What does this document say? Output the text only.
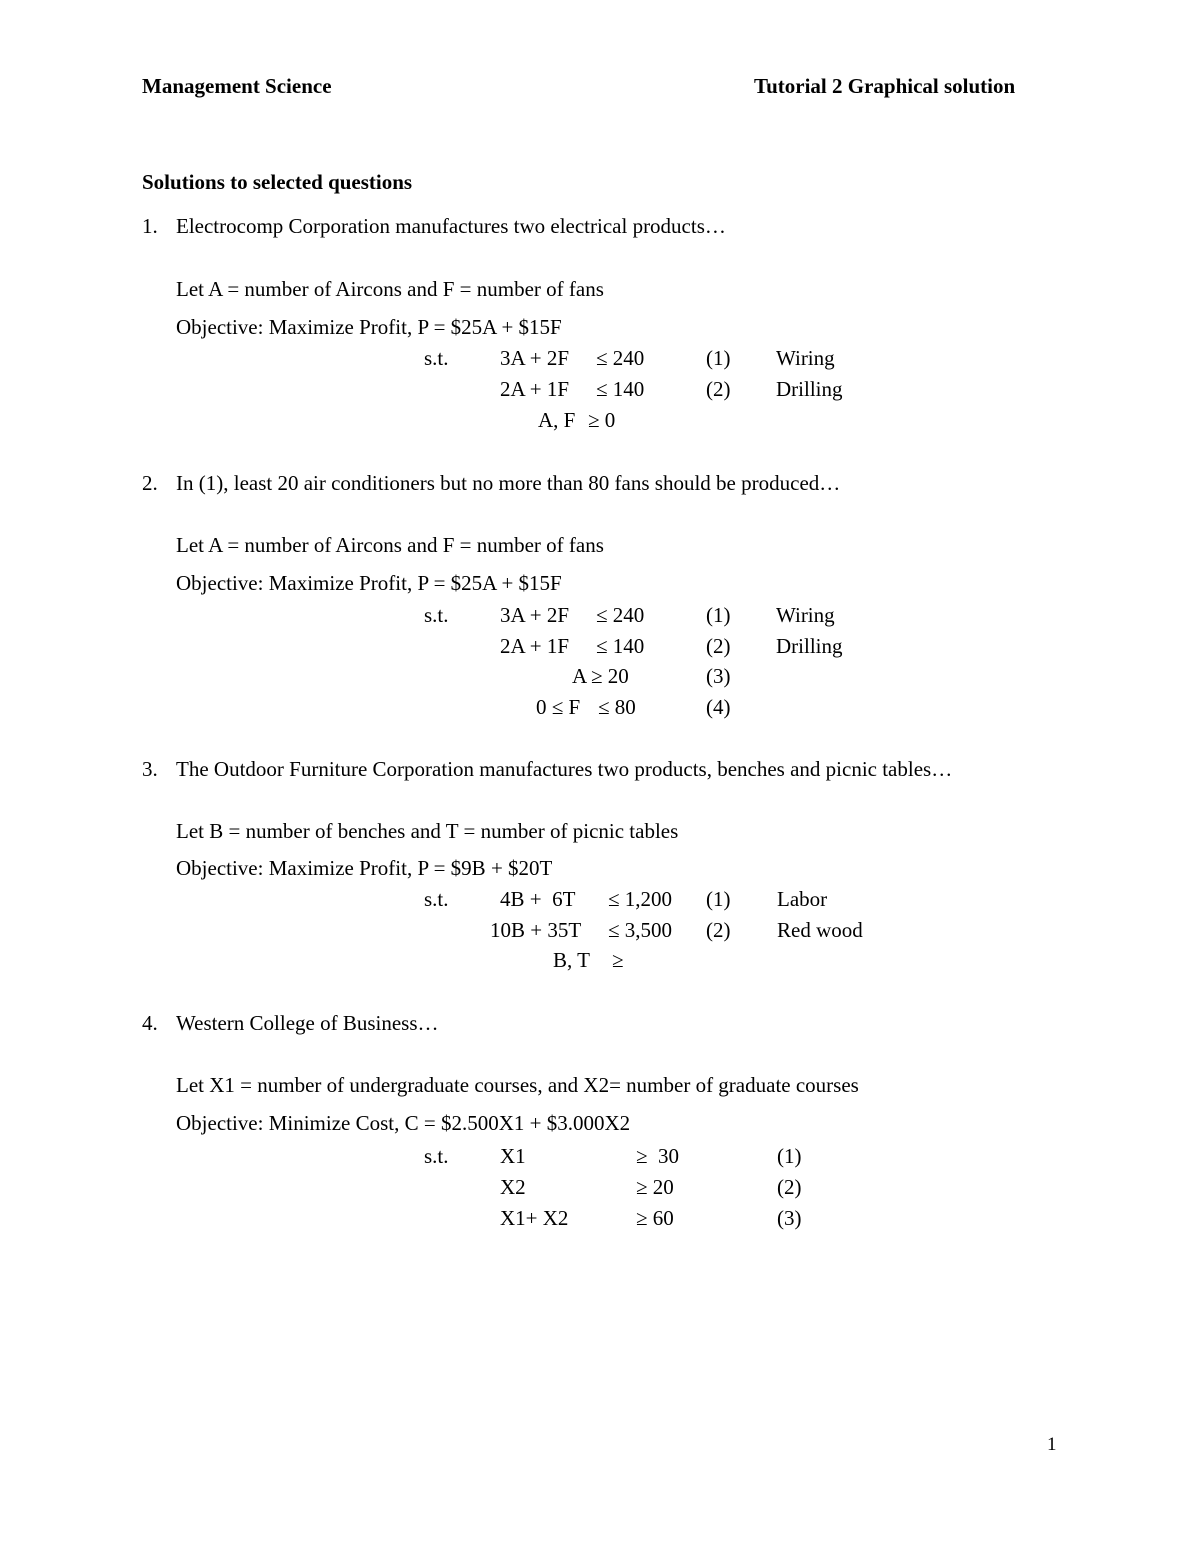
Management Science	Tutorial 2 Graphical solution
Solutions to selected questions
1. Electrocomp Corporation manufactures two electrical products…
Let A = number of Aircons and F = number of fans
Objective: Maximize Profit, P = $25A + $15F
s.t. 3A + 2F ≤ 240	(1) Wiring
2A + 1F ≤ 140	(2) Drilling
A, F ≥ 0
2. In (1), least 20 air conditioners but no more than 80 fans should be produced…
Let A = number of Aircons and F = number of fans
Objective: Maximize Profit, P = $25A + $15F
s.t. 3A + 2F ≤ 240	(1) Wiring
2A + 1F ≤ 140	(2) Drilling
A ≥ 20	(3)
0 ≤ F ≤ 80	(4)
3. The Outdoor Furniture Corporation manufactures two products, benches and picnic tables…
Let B = number of benches and T = number of picnic tables
Objective: Maximize Profit, P = $9B + $20T
s.t. 4B +  6T ≤ 1,200 (1) Labor
10B + 35T ≤ 3,500 (2) Red wood
B, T ≥
4. Western College of Business…
Let X1 = number of undergraduate courses, and X2= number of graduate courses
Objective: Minimize Cost, C = $2.500X1 + $3.000X2
s.t. X1	≥  30	(1)
X2	≥ 20	(2)
X1+ X2	≥ 60	(3)
1
